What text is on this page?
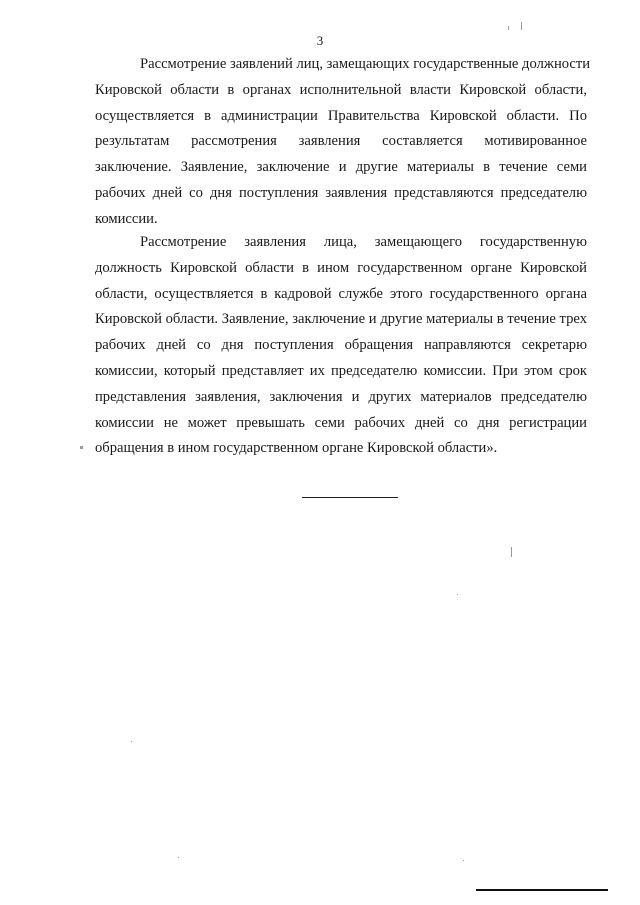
3
Рассмотрение заявлений лиц, замещающих государственные должности
Кировской области в органах исполнительной власти Кировской области,
осуществляется в администрации Правительства Кировской области. По
результатам рассмотрения заявления составляется мотивированное
заключение. Заявление, заключение и другие материалы в течение семи
рабочих дней со дня поступления заявления представляются председателю
комиссии.
Рассмотрение заявления лица, замещающего государственную
должность Кировской области в ином государственном органе Кировской
области, осуществляется в кадровой службе этого государственного органа
Кировской области. Заявление, заключение и другие материалы в течение трех
рабочих дней со дня поступления обращения направляются секретарю
комиссии, который представляет их председателю комиссии. При этом срок
представления заявления, заключения и других материалов председателю
комиссии не может превышать семи рабочих дней со дня регистрации
обращения в ином государственном органе Кировской области».
